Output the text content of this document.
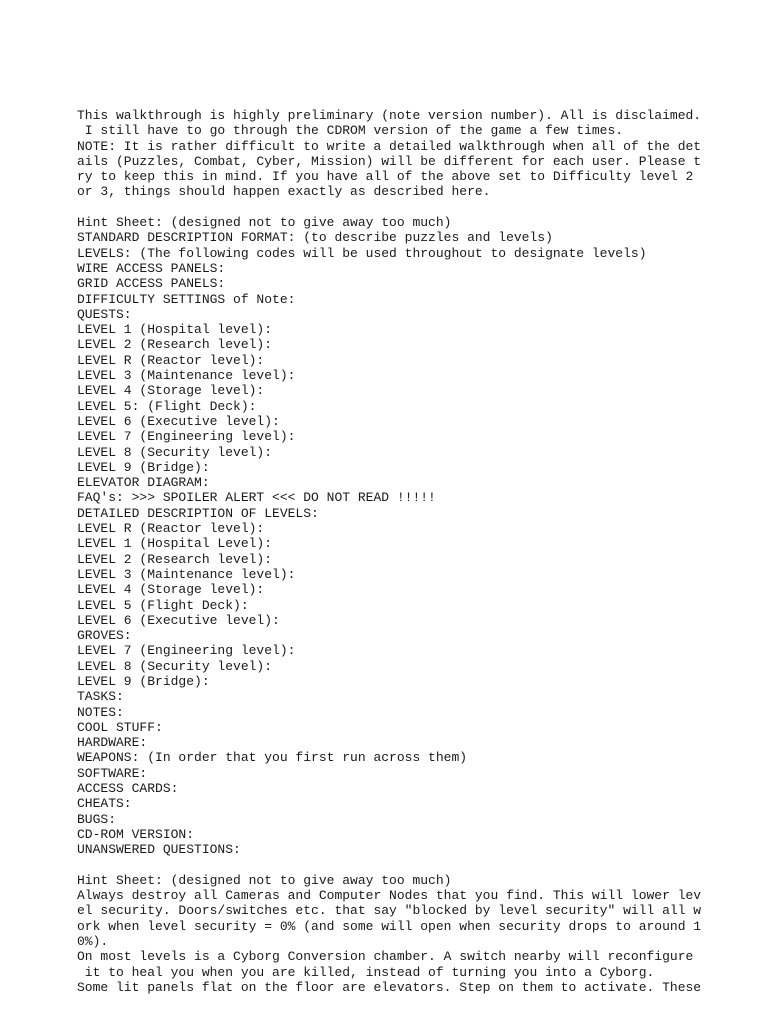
This walkthrough is highly preliminary (note version number). All is disclaimed.
I still have to go through the CDROM version of the game a few times.
NOTE: It is rather difficult to write a detailed walkthrough when all of the det
ails (Puzzles, Combat, Cyber, Mission) will be different for each user. Please t
ry to keep this in mind. If you have all of the above set to Difficulty level 2
or 3, things should happen exactly as described here.
Hint Sheet: (designed not to give away too much)
STANDARD DESCRIPTION FORMAT: (to describe puzzles and levels)
LEVELS: (The following codes will be used throughout to designate levels)
WIRE ACCESS PANELS:
GRID ACCESS PANELS:
DIFFICULTY SETTINGS of Note:
QUESTS:
LEVEL 1 (Hospital level):
LEVEL 2 (Research level):
LEVEL R (Reactor level):
LEVEL 3 (Maintenance level):
LEVEL 4 (Storage level):
LEVEL 5: (Flight Deck):
LEVEL 6 (Executive level):
LEVEL 7 (Engineering level):
LEVEL 8 (Security level):
LEVEL 9 (Bridge):
ELEVATOR DIAGRAM:
FAQ's: >>> SPOILER ALERT <<< DO NOT READ !!!!!
DETAILED DESCRIPTION OF LEVELS:
LEVEL R (Reactor level):
LEVEL 1 (Hospital Level):
LEVEL 2 (Research level):
LEVEL 3 (Maintenance level):
LEVEL 4 (Storage level):
LEVEL 5 (Flight Deck):
LEVEL 6 (Executive level):
GROVES:
LEVEL 7 (Engineering level):
LEVEL 8 (Security level):
LEVEL 9 (Bridge):
TASKS:
NOTES:
COOL STUFF:
HARDWARE:
WEAPONS: (In order that you first run across them)
SOFTWARE:
ACCESS CARDS:
CHEATS:
BUGS:
CD-ROM VERSION:
UNANSWERED QUESTIONS:
Hint Sheet: (designed not to give away too much)
Always destroy all Cameras and Computer Nodes that you find. This will lower lev
el security. Doors/switches etc. that say "blocked by level security" will all w
ork when level security = 0% (and some will open when security drops to around 1
0%).
On most levels is a Cyborg Conversion chamber. A switch nearby will reconfigure
it to heal you when you are killed, instead of turning you into a Cyborg.
Some lit panels flat on the floor are elevators. Step on them to activate. These
